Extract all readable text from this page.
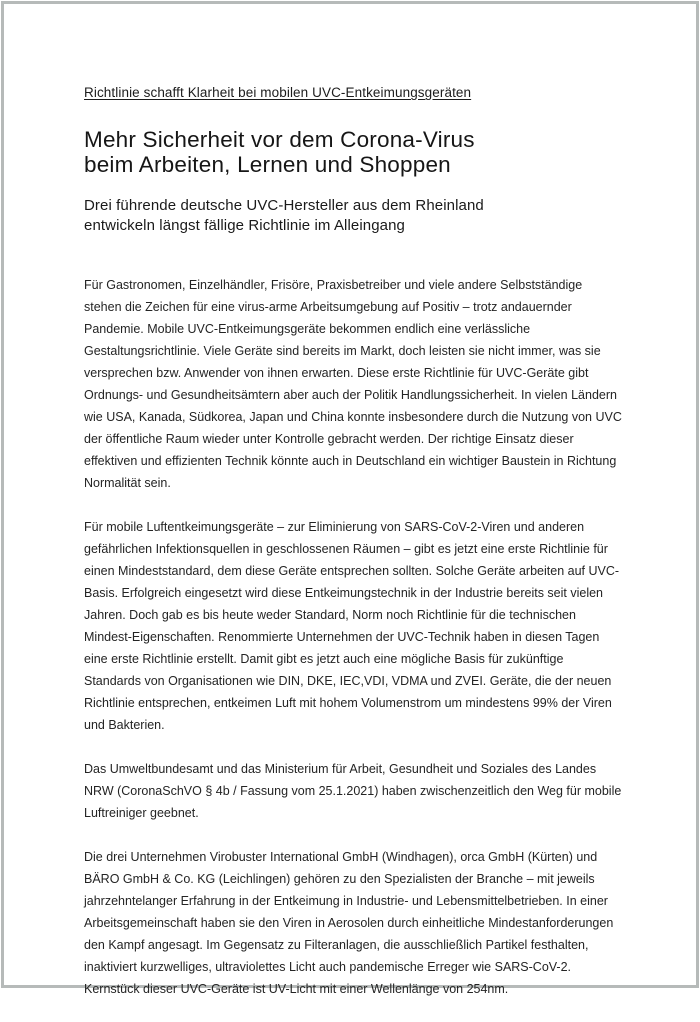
Richtlinie schafft Klarheit bei mobilen UVC-Entkeimungsgeräten

Mehr Sicherheit vor dem Corona-Virus
beim Arbeiten, Lernen und Shoppen
Drei führende deutsche UVC-Hersteller aus dem Rheinland
entwickeln längst fällige Richtlinie im Alleingang

Für Gastronomen, Einzelhändler, Frisöre, Praxisbetreiber und viele andere Selbstständige stehen die Zeichen für eine virus-arme Arbeitsumgebung auf Positiv – trotz andauernder Pandemie. Mobile UVC-Entkeimungsgeräte bekommen endlich eine verlässliche Gestaltungsrichtlinie. Viele Geräte sind bereits im Markt, doch leisten sie nicht immer, was sie versprechen bzw. Anwender von ihnen erwarten. Diese erste Richtlinie für UVC-Geräte gibt Ordnungs- und Gesundheitsämtern aber auch der Politik Handlungssicherheit. In vielen Ländern wie USA, Kanada, Südkorea, Japan und China konnte insbesondere durch die Nutzung von UVC der öffentliche Raum wieder unter Kontrolle gebracht werden. Der richtige Einsatz dieser effektiven und effizienten Technik könnte auch in Deutschland ein wichtiger Baustein in Richtung Normalität sein.

Für mobile Luftentkeimungsgeräte – zur Eliminierung von SARS-CoV-2-Viren und anderen gefährlichen Infektionsquellen in geschlossenen Räumen – gibt es jetzt eine erste Richtlinie für einen Mindeststandard, dem diese Geräte entsprechen sollten. Solche Geräte arbeiten auf UVC-Basis. Erfolgreich eingesetzt wird diese Entkeimungstechnik in der Industrie bereits seit vielen Jahren. Doch gab es bis heute weder Standard, Norm noch Richtlinie für die technischen Mindest-Eigenschaften. Renommierte Unternehmen der UVC-Technik haben in diesen Tagen eine erste Richtlinie erstellt. Damit gibt es jetzt auch eine mögliche Basis für zukünftige Standards von Organisationen wie DIN, DKE, IEC,VDI, VDMA und ZVEI. Geräte, die der neuen Richtlinie entsprechen, entkeimen Luft mit hohem Volumenstrom um mindestens 99% der Viren und Bakterien.

Das Umweltbundesamt und das Ministerium für Arbeit, Gesundheit und Soziales des Landes NRW (CoronaSchVO § 4b / Fassung vom 25.1.2021) haben zwischenzeitlich den Weg für mobile Luftreiniger geebnet.

Die drei Unternehmen Virobuster International GmbH (Windhagen), orca GmbH (Kürten) und BÄRO GmbH & Co. KG (Leichlingen) gehören zu den Spezialisten der Branche – mit jeweils jahrzehntelanger Erfahrung in der Entkeimung in Industrie- und Lebensmittelbetrieben. In einer Arbeitsgemeinschaft haben sie den Viren in Aerosolen durch einheitliche Mindestanforderungen den Kampf angesagt. Im Gegensatz zu Filteranlagen, die ausschließlich Partikel festhalten, inaktiviert kurzwelliges, ultraviolettes Licht auch pandemische Erreger wie SARS-CoV-2. Kernstück dieser UVC-Geräte ist UV-Licht mit einer Wellenlänge von 254nm.
